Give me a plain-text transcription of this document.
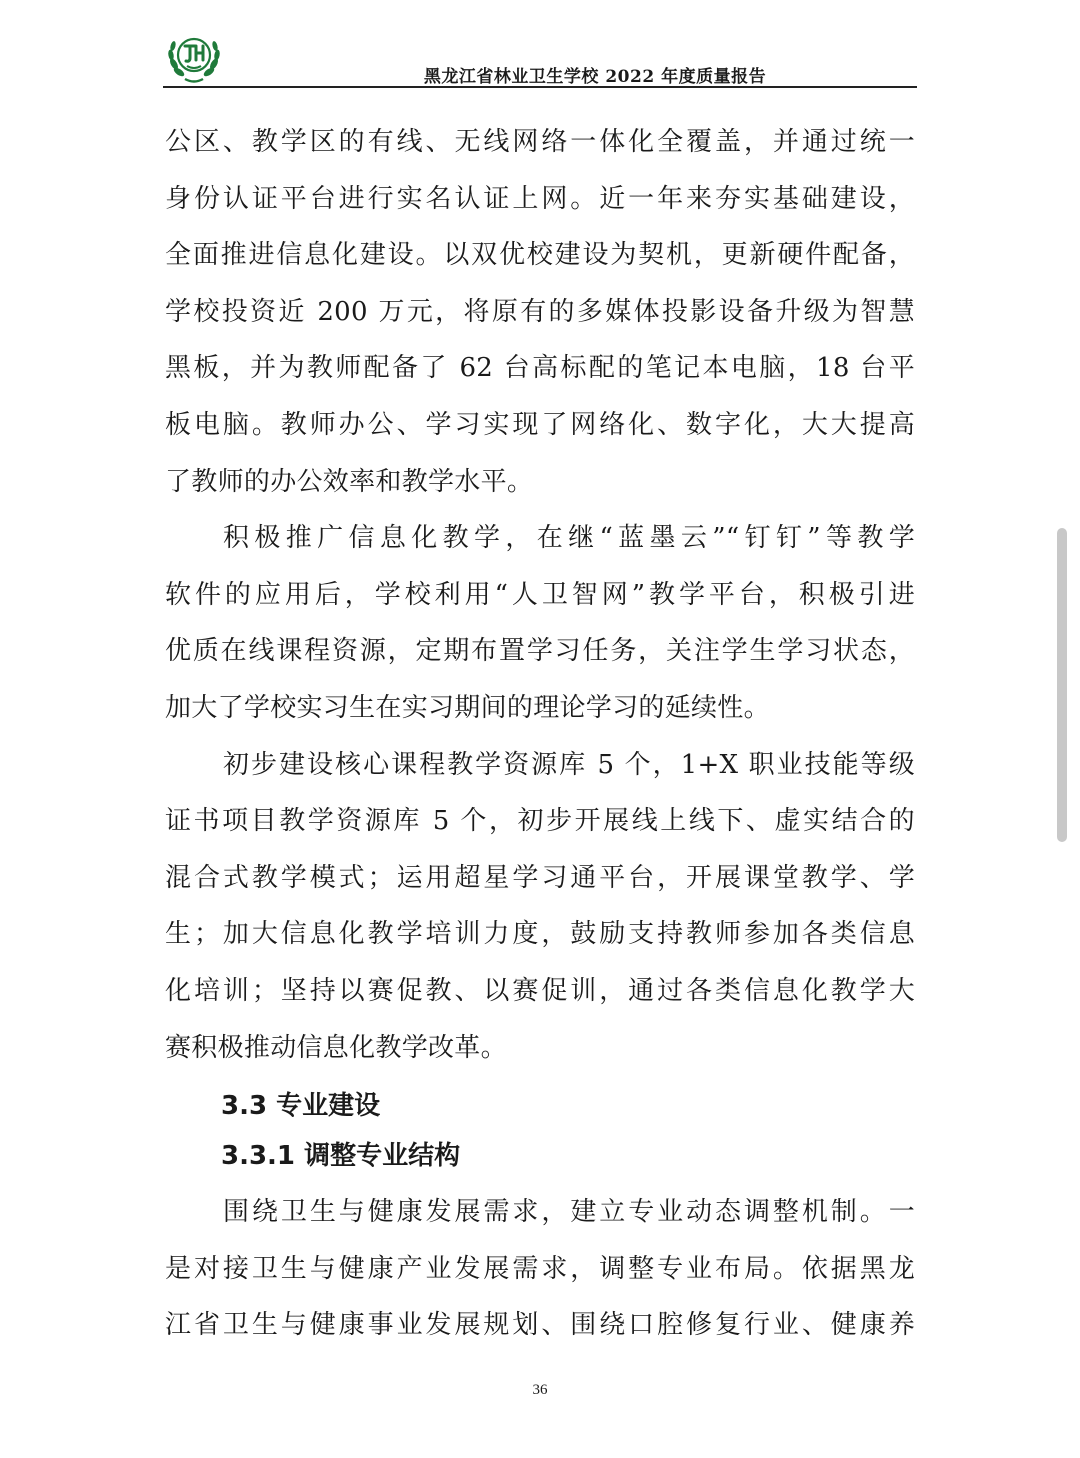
黑龙江省林业卫生学校 2022 年度质量报告
公区、教学区的有线、无线网络一体化全覆盖，并通过统一
身份认证平台进行实名认证上网。近一年来夯实基础建设，
全面推进信息化建设。以双优校建设为契机，更新硬件配备，
学校投资近 200 万元，将原有的多媒体投影设备升级为智慧
黑板，并为教师配备了 62 台高标配的笔记本电脑，18 台平
板电脑。教师办公、学习实现了网络化、数字化，大大提高
了教师的办公效率和教学水平。
积极推广信息化教学，在继“蓝墨云”“钉钉”等教学
软件的应用后，学校利用“人卫智网”教学平台，积极引进
优质在线课程资源，定期布置学习任务，关注学生学习状态，
加大了学校实习生在实习期间的理论学习的延续性。
初步建设核心课程教学资源库 5 个，1+X 职业技能等级
证书项目教学资源库 5 个，初步开展线上线下、虚实结合的
混合式教学模式；运用超星学习通平台，开展课堂教学、学
生；加大信息化教学培训力度，鼓励支持教师参加各类信息
化培训；坚持以赛促教、以赛促训，通过各类信息化教学大
赛积极推动信息化教学改革。
3.3 专业建设
3.3.1 调整专业结构
围绕卫生与健康发展需求，建立专业动态调整机制。一
是对接卫生与健康产业发展需求，调整专业布局。依据黑龙
江省卫生与健康事业发展规划、围绕口腔修复行业、健康养
36
